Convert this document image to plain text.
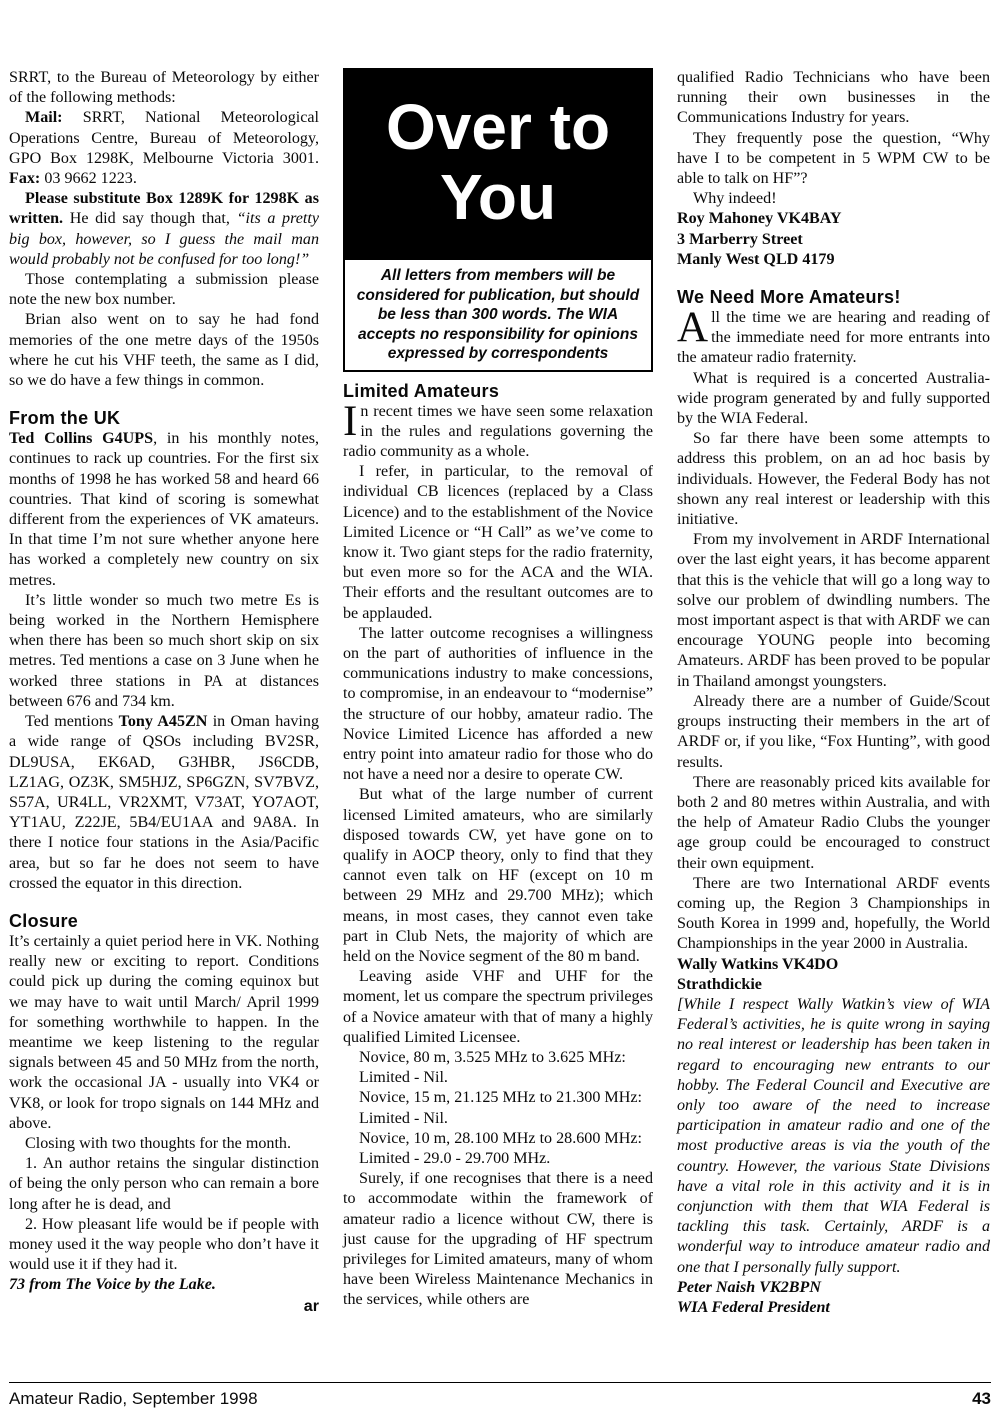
SRRT, to the Bureau of Meteorology by either of the following methods:

Mail: SRRT, National Meteorological Operations Centre, Bureau of Meteorology, GPO Box 1298K, Melbourne Victoria 3001. Fax: 03 9662 1223.

Please substitute Box 1289K for 1298K as written. He did say though that, “its a pretty big box, however, so I guess the mail man would probably not be confused for too long!”

Those contemplating a submission please note the new box number.

Brian also went on to say he had fond memories of the one metre days of the 1950s where he cut his VHF teeth, the same as I did, so we do have a few things in common.

From the UK

Ted Collins G4UPS, in his monthly notes, continues to rack up countries. For the first six months of 1998 he has worked 58 and heard 66 countries. That kind of scoring is somewhat different from the experiences of VK amateurs. In that time I’m not sure whether anyone here has worked a completely new country on six metres.

It’s little wonder so much two metre Es is being worked in the Northern Hemisphere when there has been so much short skip on six metres. Ted mentions a case on 3 June when he worked three stations in PA at distances between 676 and 734 km.

Ted mentions Tony A45ZN in Oman having a wide range of QSOs including BV2SR, DL9USA, EK6AD, G3HBR, JS6CDB, LZ1AG, OZ3K, SM5HJZ, SP6GZN, SV7BVZ, S57A, UR4LL, VR2XMT, V73AT, YO7AOT, YT1AU, Z22JE, 5B4/EU1AA and 9A8A. In there I notice four stations in the Asia/Pacific area, but so far he does not seem to have crossed the equator in this direction.

Closure

It’s certainly a quiet period here in VK. Nothing really new or exciting to report. Conditions could pick up during the coming equinox but we may have to wait until March/ April 1999 for something worthwhile to happen. In the meantime we keep listening to the regular signals between 45 and 50 MHz from the north, work the occasional JA - usually into VK4 or VK8, or look for tropo signals on 144 MHz and above.

Closing with two thoughts for the month.

1. An author retains the singular distinction of being the only person who can remain a bore long after he is dead, and

2. How pleasant life would be if people with money used it the way people who don’t have it would use it if they had it.

73 from The Voice by the Lake.

ar
Over to
You
All letters from members will be considered for publication, but should be less than 300 words. The WIA accepts no responsibility for opinions expressed by correspondents
Limited Amateurs

In recent times we have seen some relaxation in the rules and regulations governing the radio community as a whole.

I refer, in particular, to the removal of individual CB licences (replaced by a Class Licence) and to the establishment of the Novice Limited Licence or “H Call” as we’ve come to know it. Two giant steps for the radio fraternity, but even more so for the ACA and the WIA. Their efforts and the resultant outcomes are to be applauded.

The latter outcome recognises a willingness on the part of authorities of influence in the communications industry to make concessions, to compromise, in an endeavour to “modernise” the structure of our hobby, amateur radio. The Novice Limited Licence has afforded a new entry point into amateur radio for those who do not have a need nor a desire to operate CW.

But what of the large number of current licensed Limited amateurs, who are similarly disposed towards CW, yet have gone on to qualify in AOCP theory, only to find that they cannot even talk on HF (except on 10 m between 29 MHz and 29.700 MHz); which means, in most cases, they cannot even take part in Club Nets, the majority of which are held on the Novice segment of the 80 m band.

Leaving aside VHF and UHF for the moment, let us compare the spectrum privileges of a Novice amateur with that of many a highly qualified Limited Licensee.

Novice, 80 m, 3.525 MHz to 3.625 MHz:

Limited - Nil.

Novice, 15 m, 21.125 MHz to 21.300 MHz:

Limited - Nil.

Novice, 10 m, 28.100 MHz to 28.600 MHz:

Limited - 29.0 - 29.700 MHz.

Surely, if one recognises that there is a need to accommodate within the framework of amateur radio a licence without CW, there is just cause for the upgrading of HF spectrum privileges for Limited amateurs, many of whom have been Wireless Maintenance Mechanics in the services, while others are

qualified Radio Technicians who have been running their own businesses in the Communications Industry for years.

They frequently pose the question, “Why have I to be competent in 5 WPM CW to be able to talk on HF”?

Why indeed!

Roy Mahoney VK4BAY

3 Marberry Street

Manly West QLD 4179

We Need More Amateurs!

All the time we are hearing and reading of the immediate need for more entrants into the amateur radio fraternity.

What is required is a concerted Australia-wide program generated by and fully supported by the WIA Federal.

So far there have been some attempts to address this problem, on an ad hoc basis by individuals. However, the Federal Body has not shown any real interest or leadership with this initiative.

From my involvement in ARDF International over the last eight years, it has become apparent that this is the vehicle that will go a long way to solve our problem of dwindling numbers. The most important aspect is that with ARDF we can encourage YOUNG people into becoming Amateurs. ARDF has been proved to be popular in Thailand amongst youngsters.

Already there are a number of Guide/Scout groups instructing their members in the art of ARDF or, if you like, “Fox Hunting”, with good results.

There are reasonably priced kits available for both 2 and 80 metres within Australia, and with the help of Amateur Radio Clubs the younger age group could be encouraged to construct their own equipment.

There are two International ARDF events coming up, the Region 3 Championships in South Korea in 1999 and, hopefully, the World Championships in the year 2000 in Australia.

Wally Watkins VK4DO

Strathdickie

[While I respect Wally Watkin’s view of WIA Federal’s activities, he is quite wrong in saying no real interest or leadership has been taken in regard to encouraging new entrants to our hobby. The Federal Council and Executive are only too aware of the need to increase participation in amateur radio and one of the most productive areas is via the youth of the country. However, the various State Divisions have a vital role in this activity and it is in conjunction with them that WIA Federal is tackling this task. Certainly, ARDF is a wonderful way to introduce amateur radio and one that I personally fully support.

Peter Naish VK2BPN

WIA Federal President

Amateur Radio, September 1998	43
